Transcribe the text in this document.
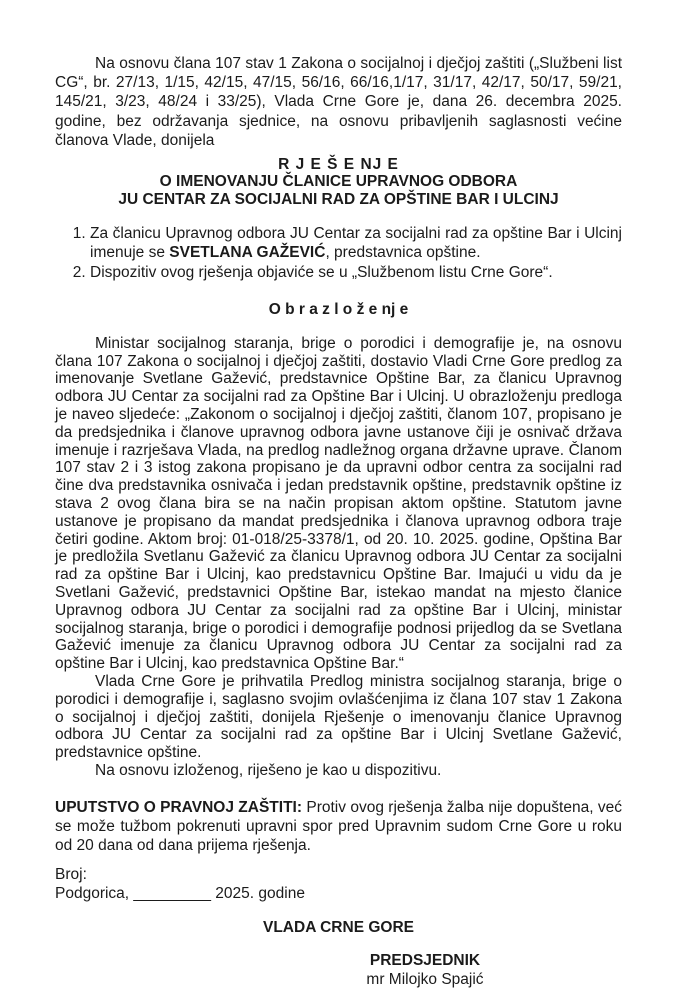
Na osnovu člana 107 stav 1 Zakona o socijalnoj i dječjoj zaštiti („Službeni list CG“, br. 27/13, 1/15, 42/15, 47/15, 56/16, 66/16,1/17, 31/17, 42/17, 50/17, 59/21, 145/21, 3/23, 48/24 i 33/25), Vlada Crne Gore je, dana 26. decembra 2025. godine, bez održavanja sjednice, na osnovu pribavljenih saglasnosti većine članova Vlade, donijela

R J E Š E NJ E
O IMENOVANJU ČLANICE UPRAVNOG ODBORA
JU CENTAR ZA SOCIJALNI RAD ZA OPŠTINE BAR I ULCINJ
1. Za članicu Upravnog odbora JU Centar za socijalni rad za opštine Bar i Ulcinj imenuje se SVETLANA GAŽEVIĆ, predstavnica opštine.
2. Dispozitiv ovog rješenja objaviće se u „Službenom listu Crne Gore“.
O b r a z l o ž e nj e

Ministar socijalnog staranja, brige o porodici i demografije je, na osnovu člana 107 Zakona o socijalnoj i dječjoj zaštiti, dostavio Vladi Crne Gore predlog za imenovanje Svetlane Gažević, predstavnice Opštine Bar, za članicu Upravnog odbora JU Centar za socijalni rad za Opštine Bar i Ulcinj. U obrazloženju predloga je naveo sljedeće: „Zakonom o socijalnoj i dječjoj zaštiti, članom 107, propisano je da predsjednika i članove upravnog odbora javne ustanove čiji je osnivač država imenuje i razrješava Vlada, na predlog nadležnog organa državne uprave. Članom 107 stav 2 i 3 istog zakona propisano je da upravni odbor centra za socijalni rad čine dva predstavnika osnivača i jedan predstavnik opštine, predstavnik opštine iz stava 2 ovog člana bira se na način propisan aktom opštine. Statutom javne ustanove je propisano da mandat predsjednika i članova upravnog odbora traje četiri godine. Aktom broj: 01-018/25-3378/1, od 20. 10. 2025. godine, Opština Bar je predložila Svetlanu Gažević za članicu Upravnog odbora JU Centar za socijalni rad za opštine Bar i Ulcinj, kao predstavnicu Opštine Bar. Imajući u vidu da je Svetlani Gažević, predstavnici Opštine Bar, istekao mandat na mjesto članice Upravnog odbora JU Centar za socijalni rad za opštine Bar i Ulcinj, ministar socijalnog staranja, brige o porodici i demografije podnosi prijedlog da se Svetlana Gažević imenuje za članicu Upravnog odbora JU Centar za socijalni rad za opštine Bar i Ulcinj, kao predstavnica Opštine Bar.“

Vlada Crne Gore je prihvatila Predlog ministra socijalnog staranja, brige o porodici i demografije i, saglasno svojim ovlašćenjima iz člana 107 stav 1 Zakona o socijalnoj i dječjoj zaštiti, donijela Rješenje o imenovanju članice Upravnog odbora JU Centar za socijalni rad za opštine Bar i Ulcinj Svetlane Gažević, predstavnice opštine.

Na osnovu izloženog, riješeno je kao u dispozitivu.

UPUTSTVO O PRAVNOJ ZAŠTITI: Protiv ovog rješenja žalba nije dopuštena, već se može tužbom pokrenuti upravni spor pred Upravnim sudom Crne Gore u roku od 20 dana od dana prijema rješenja.

Broj:

Podgorica, _________ 2025. godine

VLADA CRNE GORE
PREDSJEDNIK
mr Milojko Spajić
